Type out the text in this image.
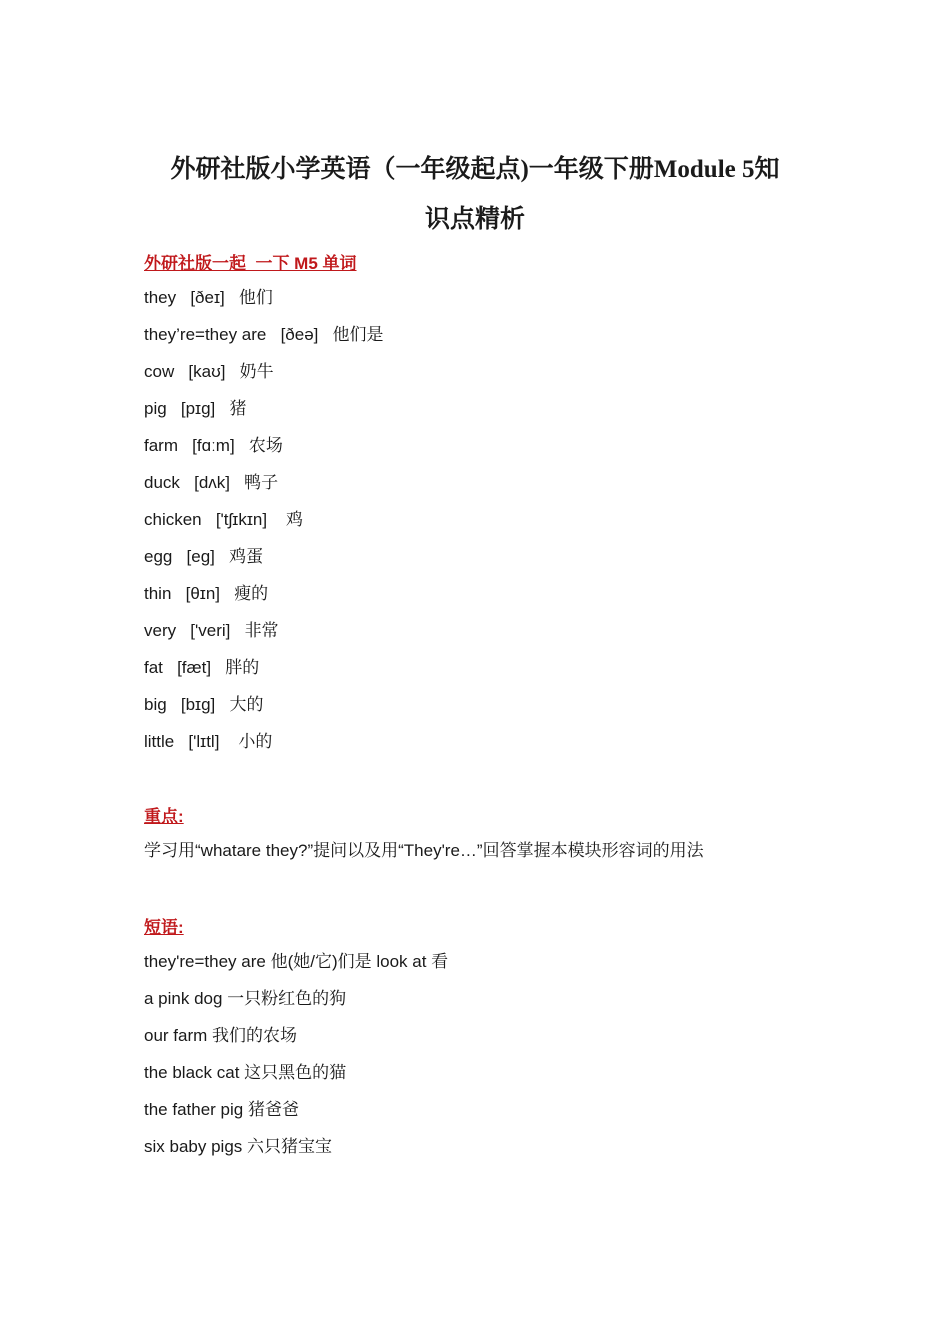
外研社版小学英语（一年级起点)一年级下册Module 5知
识点精析
外研社版一起  一下 M5 单词
they [ðeɪ] 他们
they’re=they are [ðeə] 他们是
cow [kaʊ] 奶牛
pig [pɪg] 猪
farm [fɑːm] 农场
duck [dʌk] 鸭子
chicken ['tʃɪkɪn]    鸡
egg [eg] 鸡蛋
thin [θɪn] 瘦的
very ['veri] 非常
fat [fæt] 胖的
big [bɪg] 大的
little ['lɪtl]    小的
重点:
学习用“whatare they?”提问以及用“They're…”回答掌握本模块形容词的用法
短语:
they're=they are 他(她/它)们是 look at 看
a pink dog 一只粉红色的狗
our farm 我们的农场
the black cat 这只黑色的猫
the father pig 猪爸爸
six baby pigs 六只猪宝宝
